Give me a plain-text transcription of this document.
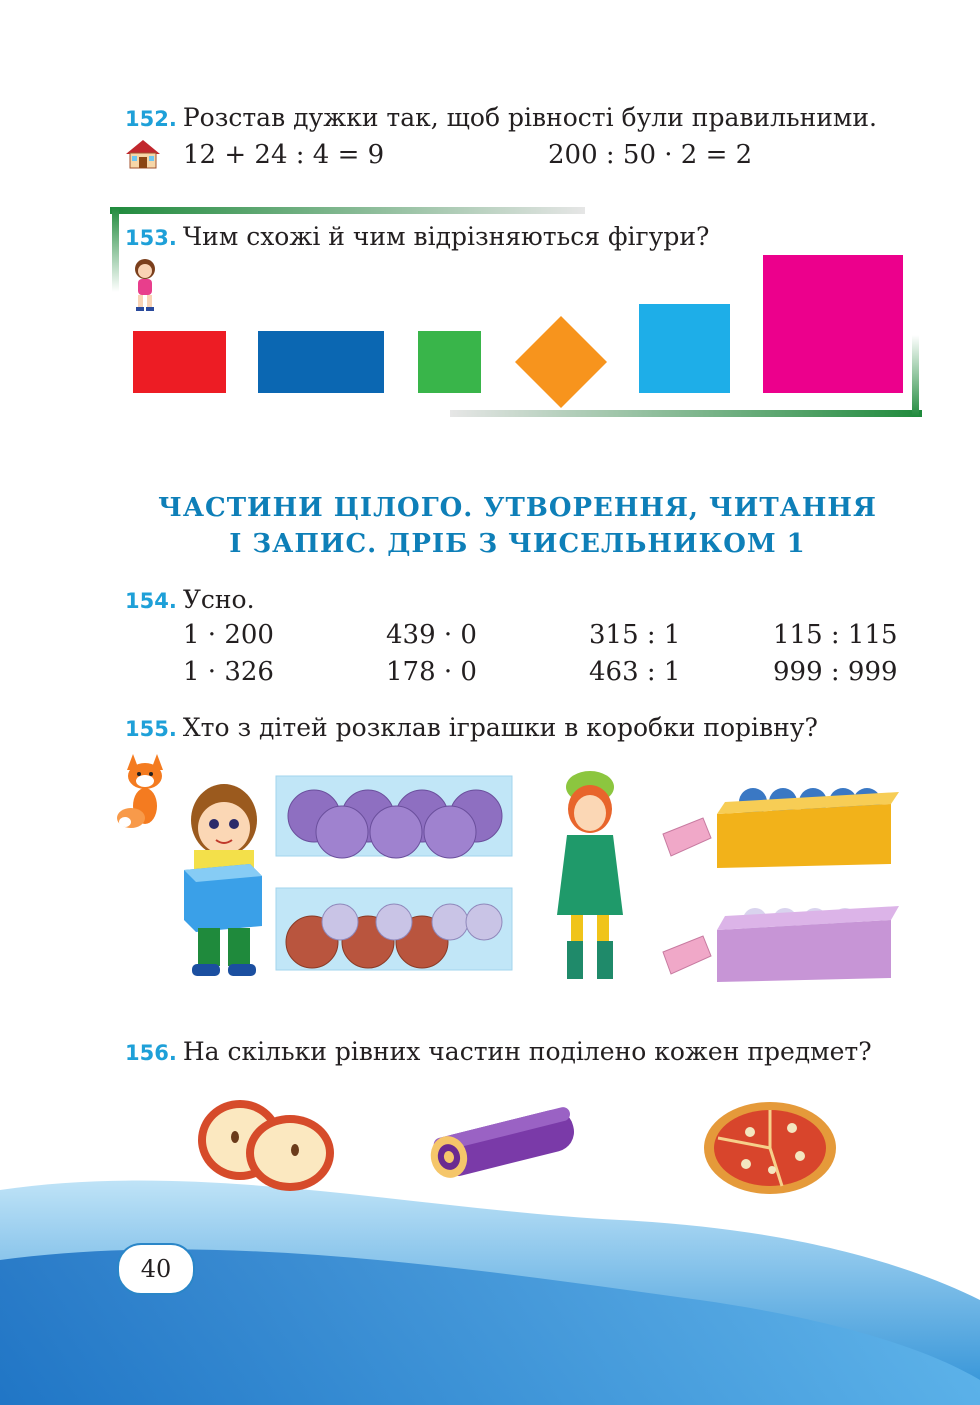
152. Розстав дужки так, щоб рівності були правильними.
12 + 24 : 4 = 9	200 : 50 · 2 = 2
153. Чим схожі й чим відрізняються фігури?
ЧАСТИНИ ЦІЛОГО. УТВОРЕННЯ, ЧИТАННЯ
І ЗАПИС. ДРІБ З ЧИСЕЛЬНИКОМ 1
154. Усно.
1 · 200	439 · 0	315 : 1	115 : 115
1 · 326	178 · 0	463 : 1	999 : 999
155. Хто з дітей розклав іграшки в коробки порівну?
156. На скільки рівних частин поділено кожен предмет?
40
